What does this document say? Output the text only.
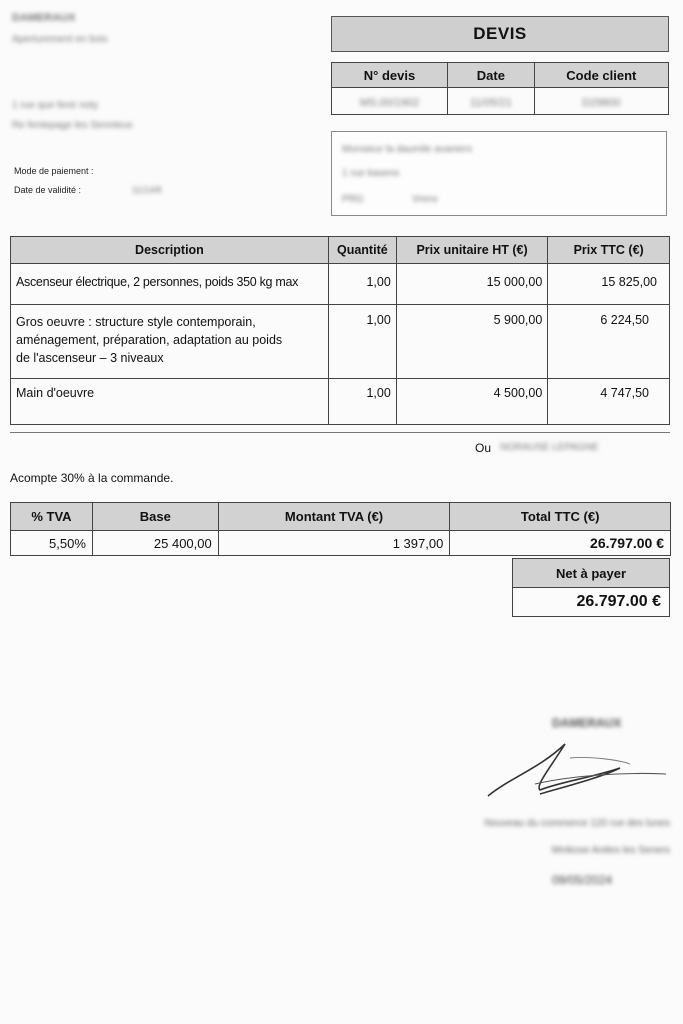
DAMERAUX
Aperturement en bois
1 rue que fenir noty
Re fentepage les Sennteus
Mode de paiement :
Date de validité :	11/14/8
DEVIS
N° devis	Date	Code client
MS.00/1902	11/05/21	D29800
Monsieur la daumile avaniers
1 rue kasens
PRG	Vrenx
Description	Quantité	Prix unitaire HT (€)	Prix TTC (€)
Ascenseur électrique, 2 personnes, poids 350 kg max	1,00	15 000,00	15 825,00

Gros oeuvre : structure style contemporain,
aménagement, préparation, adaptation au poids
de l'ascenseur – 3 niveaux	1,00	5 900,00	6 224,50
Main d'oeuvre	1,00	4 500,00	4 747,50
Ou NORAUSE LEPAGNE
Acompte 30% à la commande.
% TVA	Base	Montant TVA (€)	Total TTC (€)
5,50%	25 400,00	1 397,00	26.797.00 €
Net à payer
26.797.00 €
DAMERAUX
Nouveau du commerce 120 rue des lunes
Mmkose Anttes les Seners
09/05/2024
